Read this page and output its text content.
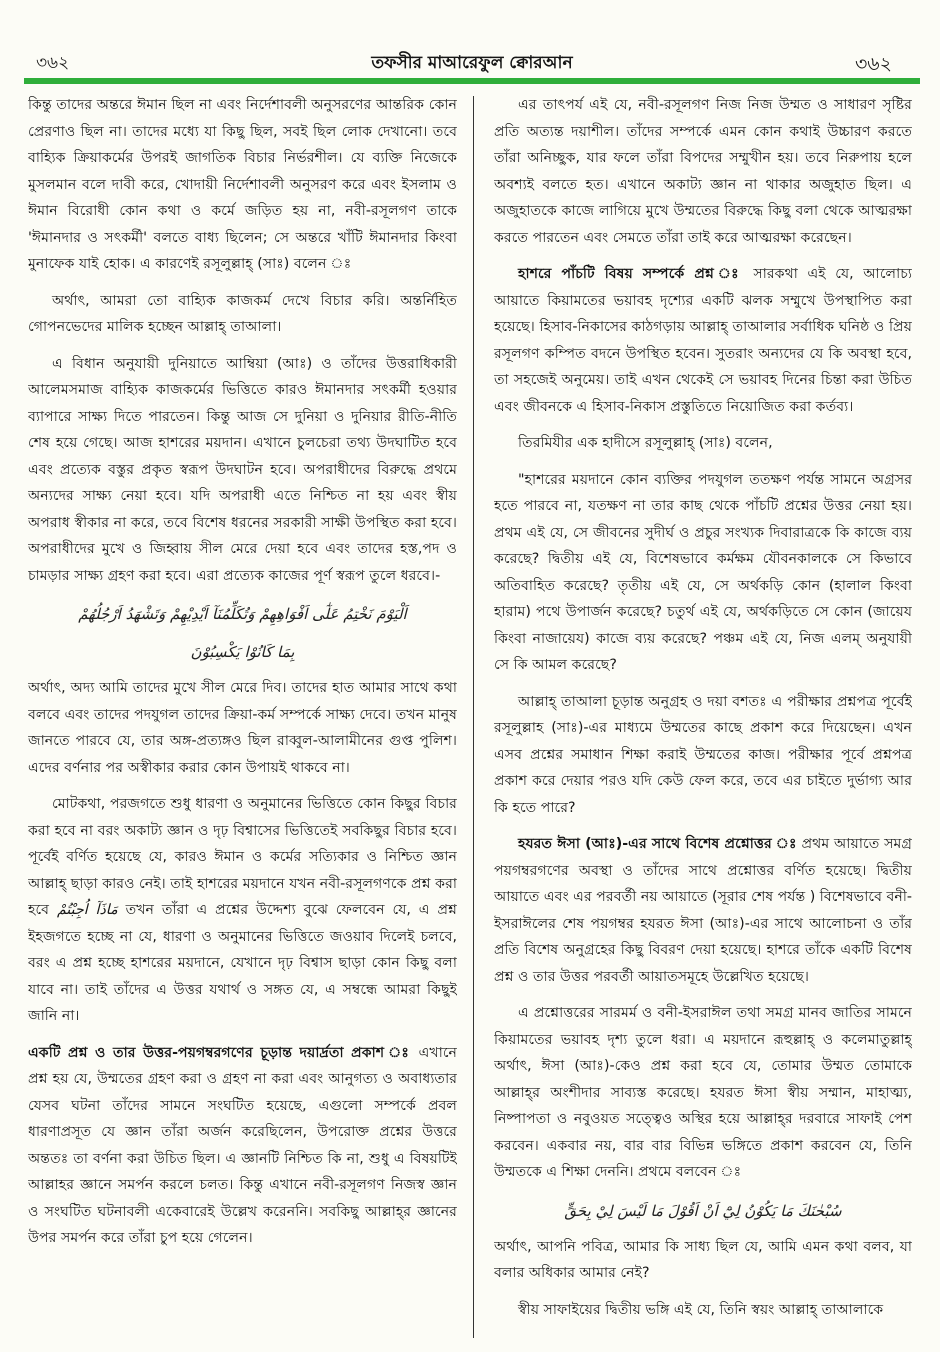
৩৬২	তফসীর মাআরেফুল ক্বোরআন	৩৬২

কিন্তু তাদের অন্তরে ঈমান ছিল না এবং নির্দেশাবলী অনুসরণের আন্তরিক কোন প্রেরণাও ছিল না। তাদের মধ্যে যা কিছু ছিল, সবই ছিল লোক দেখানো। তবে বাহ্যিক ক্রিয়াকর্মের উপরই জাগতিক বিচার নির্ভরশীল। যে ব্যক্তি নিজেকে মুসলমান বলে দাবী করে, খোদায়ী নির্দেশাবলী অনুসরণ করে এবং ইসলাম ও ঈমান বিরোধী কোন কথা ও কর্মে জড়িত হয় না, নবী-রসূলগণ তাকে 'ঈমানদার ও সৎকর্মী' বলতে বাধ্য ছিলেন; সে অন্তরে খাঁটি ঈমানদার কিংবা মুনাফেক যাই হোক। এ কারণেই রসূলুল্লাহ্ (সাঃ) বলেন ঃ

অর্থাৎ, আমরা তো বাহ্যিক কাজকর্ম দেখে বিচার করি। অন্তর্নিহিত গোপনভেদের মালিক হচ্ছেন আল্লাহ্ তাআলা।

এ বিধান অনুযায়ী দুনিয়াতে আম্বিয়া (আঃ) ও তাঁদের উত্তরাধিকারী আলেমসমাজ বাহ্যিক কাজকর্মের ভিত্তিতে কারও ঈমানদার সৎকর্মী হওয়ার ব্যাপারে সাক্ষ্য দিতে পারতেন। কিন্তু আজ সে দুনিয়া ও দুনিয়ার রীতি-নীতি শেষ হয়ে গেছে। আজ হাশরের ময়দান। এখানে চুলচেরা তথ্য উদঘাটিত হবে এবং প্রত্যেক বস্তুর প্রকৃত স্বরূপ উদঘাটন হবে। অপরাধীদের বিরুদ্ধে প্রথমে অন্যদের সাক্ষ্য নেয়া হবে। যদি অপরাধী এতে নিশ্চিত না হয় এবং স্বীয় অপরাধ স্বীকার না করে, তবে বিশেষ ধরনের সরকারী সাক্ষী উপস্থিত করা হবে। অপরাধীদের মুখে ও জিহ্বায় সীল মেরে দেয়া হবে এবং তাদের হস্ত,পদ ও চামড়ার সাক্ষ্য গ্রহণ করা হবে। এরা প্রত্যেক কাজের পূর্ণ স্বরূপ তুলে ধরবে।-

اَلْيَوْمَ نَخْتِمُ عَلٰٓى اَفْوَاهِهِمْ وَتُكَلِّمُنَآ اَيْدِيْهِمْ وَتَشْهَدُ اَرْجُلُهُمْ
بِمَا كَانُوْا يَكْسِبُوْنَ

অর্থাৎ, অদ্য আমি তাদের মুখে সীল মেরে দিব। তাদের হাত আমার সাথে কথা বলবে এবং তাদের পদযুগল তাদের ক্রিয়া-কর্ম সম্পর্কে সাক্ষ্য দেবে। তখন মানুষ জানতে পারবে যে, তার অঙ্গ-প্রত্যঙ্গও ছিল রাব্বুল-আলামীনের গুপ্ত পুলিশ। এদের বর্ণনার পর অস্বীকার করার কোন উপায়ই থাকবে না।

মোটকথা, পরজগতে শুধু ধারণা ও অনুমানের ভিত্তিতে কোন কিছুর বিচার করা হবে না বরং অকাট্য জ্ঞান ও দৃঢ় বিশ্বাসের ভিত্তিতেই সবকিছুর বিচার হবে। পূর্বেই বর্ণিত হয়েছে যে, কারও ঈমান ও কর্মের সত্যিকার ও নিশ্চিত জ্ঞান আল্লাহ্ ছাড়া কারও নেই। তাই হাশরের ময়দানে যখন নবী-রসূলগণকে প্রশ্ন করা হবে مَاذَآ اُجِبْتُمْ তখন তাঁরা এ প্রশ্নের উদ্দেশ্য বুঝে ফেলবেন যে, এ প্রশ্ন ইহজগতে হচ্ছে না যে, ধারণা ও অনুমানের ভিত্তিতে জওয়াব দিলেই চলবে, বরং এ প্রশ্ন হচ্ছে হাশরের ময়দানে, যেখানে দৃঢ় বিশ্বাস ছাড়া কোন কিছু বলা যাবে না। তাই তাঁদের এ উত্তর যথার্থ ও সঙ্গত যে, এ সম্বন্ধে আমরা কিছুই জানি না।

একটি প্রশ্ন ও তার উত্তর-পয়গম্বরগণের চূড়ান্ত দয়ার্দ্রতা প্রকাশ ঃ এখানে প্রশ্ন হয় যে, উম্মতের গ্রহণ করা ও গ্রহণ না করা এবং আনুগত্য ও অবাধ্যতার যেসব ঘটনা তাঁদের সামনে সংঘটিত হয়েছে, এগুলো সম্পর্কে প্রবল ধারণাপ্রসূত যে জ্ঞান তাঁরা অর্জন করেছিলেন, উপরোক্ত প্রশ্নের উত্তরে অন্ততঃ তা বর্ণনা করা উচিত ছিল। এ জ্ঞানটি নিশ্চিত কি না, শুধু এ বিষয়টিই আল্লাহর জ্ঞানে সমর্পন করলে চলত। কিন্তু এখানে নবী-রসূলগণ নিজস্ব জ্ঞান ও সংঘটিত ঘটনাবলী একেবারেই উল্লেখ করেননি। সবকিছু আল্লাহ্‌র জ্ঞানের উপর সমর্পন করে তাঁরা চুপ হয়ে গেলেন।

এর তাৎপর্য এই যে, নবী-রসূলগণ নিজ নিজ উম্মত ও সাধারণ সৃষ্টির প্রতি অত্যন্ত দয়াশীল। তাঁদের সম্পর্কে এমন কোন কথাই উচ্চারণ করতে তাঁরা অনিচ্ছুক, যার ফলে তাঁরা বিপদের সম্মুখীন হয়। তবে নিরুপায় হলে অবশ্যই বলতে হত। এখানে অকাট্য জ্ঞান না থাকার অজুহাত ছিল। এ অজুহাতকে কাজে লাগিয়ে মুখে উম্মতের বিরুদ্ধে কিছু বলা থেকে আত্মরক্ষা করতে পারতেন এবং সেমতে তাঁরা তাই করে আত্মরক্ষা করেছেন।

হাশরে পাঁচটি বিষয় সম্পর্কে প্রশ্ন ঃ সারকথা এই যে, আলোচ্য আয়াতে কিয়ামতের ভয়াবহ দৃশ্যের একটি ঝলক সম্মুখে উপস্থাপিত করা হয়েছে। হিসাব-নিকাসের কাঠগড়ায় আল্লাহ্ তাআলার সর্বাধিক ঘনিষ্ঠ ও প্রিয় রসূলগণ কম্পিত বদনে উপস্থিত হবেন। সুতরাং অন্যদের যে কি অবস্থা হবে, তা সহজেই অনুমেয়। তাই এখন থেকেই সে ভয়াবহ দিনের চিন্তা করা উচিত এবং জীবনকে এ হিসাব-নিকাস প্রস্তুতিতে নিয়োজিত করা কর্তব্য।

তিরমিযীর এক হাদীসে রসূলুল্লাহ্ (সাঃ) বলেন,

"হাশরের ময়দানে কোন ব্যক্তির পদযুগল ততক্ষণ পর্যন্ত সামনে অগ্রসর হতে পারবে না, যতক্ষণ না তার কাছ থেকে পাঁচটি প্রশ্নের উত্তর নেয়া হয়। প্রথম এই যে, সে জীবনের সুদীর্ঘ ও প্রচুর সংখ্যক দিবারাত্রকে কি কাজে ব্যয় করেছে? দ্বিতীয় এই যে, বিশেষভাবে কর্মক্ষম যৌবনকালকে সে কিভাবে অতিবাহিত করেছে? তৃতীয় এই যে, সে অর্থকড়ি কোন (হালাল কিংবা হারাম) পথে উপার্জন করেছে? চতুর্থ এই যে, অর্থকড়িতে সে কোন (জায়েয কিংবা নাজায়েয) কাজে ব্যয় করেছে? পঞ্চম এই যে, নিজ এলম্ অনুযায়ী সে কি আমল করেছে?

আল্লাহ্ তাআলা চূড়ান্ত অনুগ্রহ ও দয়া বশতঃ এ পরীক্ষার প্রশ্নপত্র পূর্বেই রসূলুল্লাহ (সাঃ)-এর মাধ্যমে উম্মতের কাছে প্রকাশ করে দিয়েছেন। এখন এসব প্রশ্নের সমাধান শিক্ষা করাই উম্মতের কাজ। পরীক্ষার পূর্বে প্রশ্নপত্র প্রকাশ করে দেয়ার পরও যদি কেউ ফেল করে, তবে এর চাইতে দুর্ভাগ্য আর কি হতে পারে?

হযরত ঈসা (আঃ)-এর সাথে বিশেষ প্রশ্নোত্তর ঃ প্রথম আয়াতে সমগ্র পয়গম্বরগণের অবস্থা ও তাঁদের সাথে প্রশ্নোত্তর বর্ণিত হয়েছে। দ্বিতীয় আয়াতে এবং এর পরবর্তী নয় আয়াতে (সূরার শেষ পর্যন্ত ) বিশেষভাবে বনী-ইসরাঈলের শেষ পয়গম্বর হযরত ঈসা (আঃ)-এর সাথে আলোচনা ও তাঁর প্রতি বিশেষ অনুগ্রহের কিছু বিবরণ দেয়া হয়েছে। হাশরে তাঁকে একটি বিশেষ প্রশ্ন ও তার উত্তর পরবর্তী আয়াতসমূহে উল্লেখিত হয়েছে।

এ প্রশ্নোত্তরের সারমর্ম ও বনী-ইসরাঈল তথা সমগ্র মানব জাতির সামনে কিয়ামতের ভয়াবহ দৃশ্য তুলে ধরা। এ ময়দানে রূহুল্লাহ্ ও কলেমাতুল্লাহ্ অর্থাৎ, ঈসা (আঃ)-কেও প্রশ্ন করা হবে যে, তোমার উম্মত তোমাকে আল্লাহ্‌র অংশীদার সাব্যস্ত করেছে। হযরত ঈসা স্বীয় সম্মান, মাহাত্ম্য, নিষ্পাপতা ও নবুওয়ত সত্ত্বেও অস্থির হয়ে আল্লাহ্‌র দরবারে সাফাই পেশ করবেন। একবার নয়, বার বার বিভিন্ন ভঙ্গিতে প্রকাশ করবেন যে, তিনি উম্মতকে এ শিক্ষা দেননি। প্রথমে বলবেন ঃ

سُبْحٰنَكَ مَا يَكُوْنُ لِيْٓ اَنْ اَقُوْلَ مَا لَيْسَ لِيْ بِحَقٍّ

অর্থাৎ, আপনি পবিত্র, আমার কি সাধ্য ছিল যে, আমি এমন কথা বলব, যা বলার অধিকার আমার নেই?

স্বীয় সাফাইয়ের দ্বিতীয় ভঙ্গি এই যে, তিনি স্বয়ং আল্লাহ্ তাআলাকে
